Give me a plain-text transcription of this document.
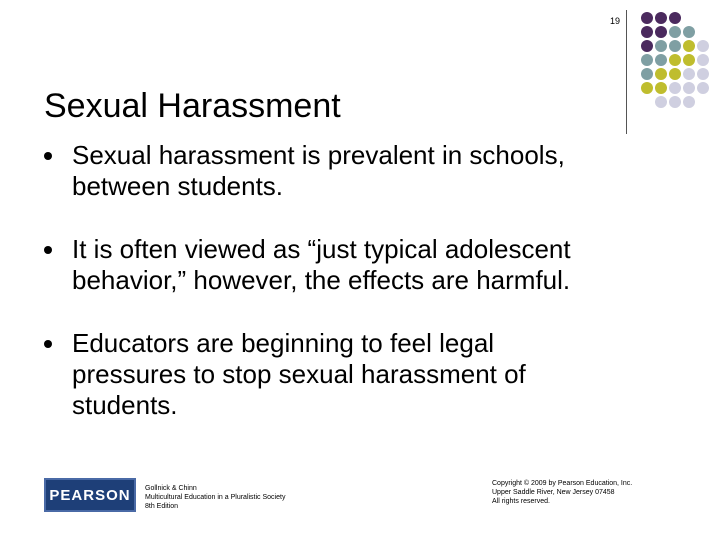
19
Sexual Harassment
Sexual harassment is prevalent in schools,
between students.
It is often viewed as “just typical adolescent
behavior,” however, the effects are harmful.
Educators are beginning to feel legal
pressures to stop sexual harassment of
students.
PEARSON	Gollnick & Chinn
Multicultural Education in a Pluralistic Society
8th Edition
Copyright © 2009 by Pearson Education, Inc.
Upper Saddle River, New Jersey 07458
All rights reserved.
